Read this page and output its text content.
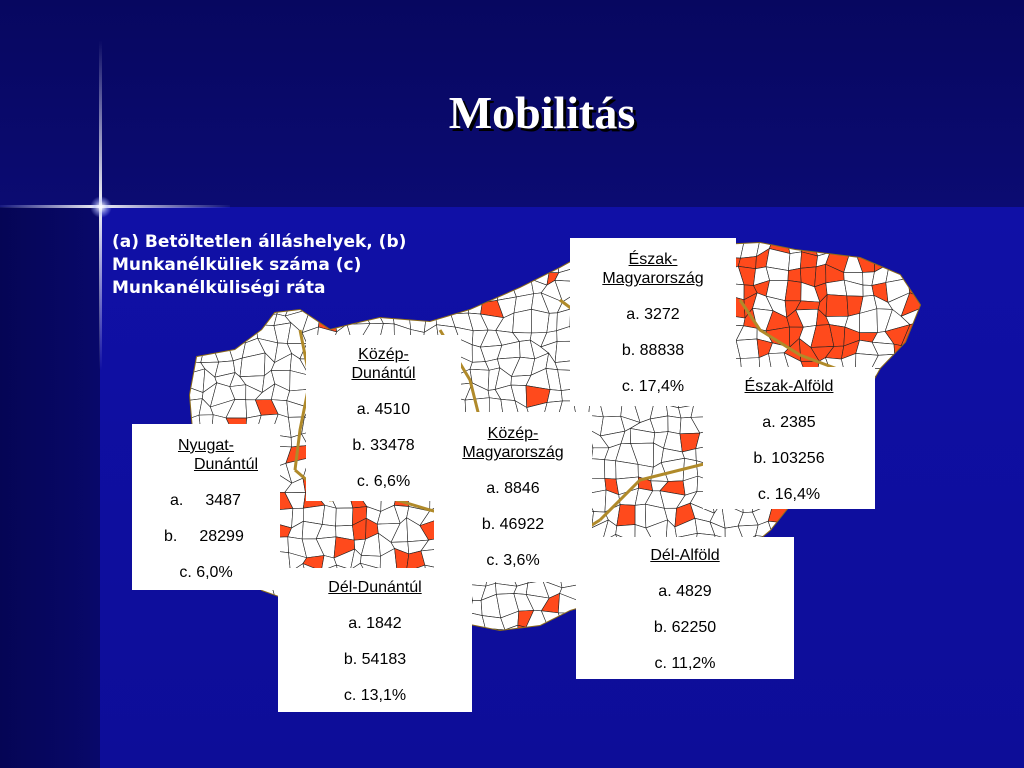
Mobilitás
(a) Betöltetlen álláshelyek, (b)
Munkanélküliek száma (c)
Munkanélküliségi ráta
Nyugat-
Dunántúl
a. 3487
b. 28299
c. 6,0%
Közép-
Dunántúl
a. 4510
b. 33478
c. 6,6%
Észak-
Magyarország
a. 3272
b. 88838
c. 17,4%
Közép-
Magyarország
a. 8846
b. 46922
c. 3,6%
Észak-Alföld
a. 2385
b. 103256
c. 16,4%
Dél-Alföld
a. 4829
b. 62250
c. 11,2%
Dél-Dunántúl
a. 1842
b. 54183
c. 13,1%
